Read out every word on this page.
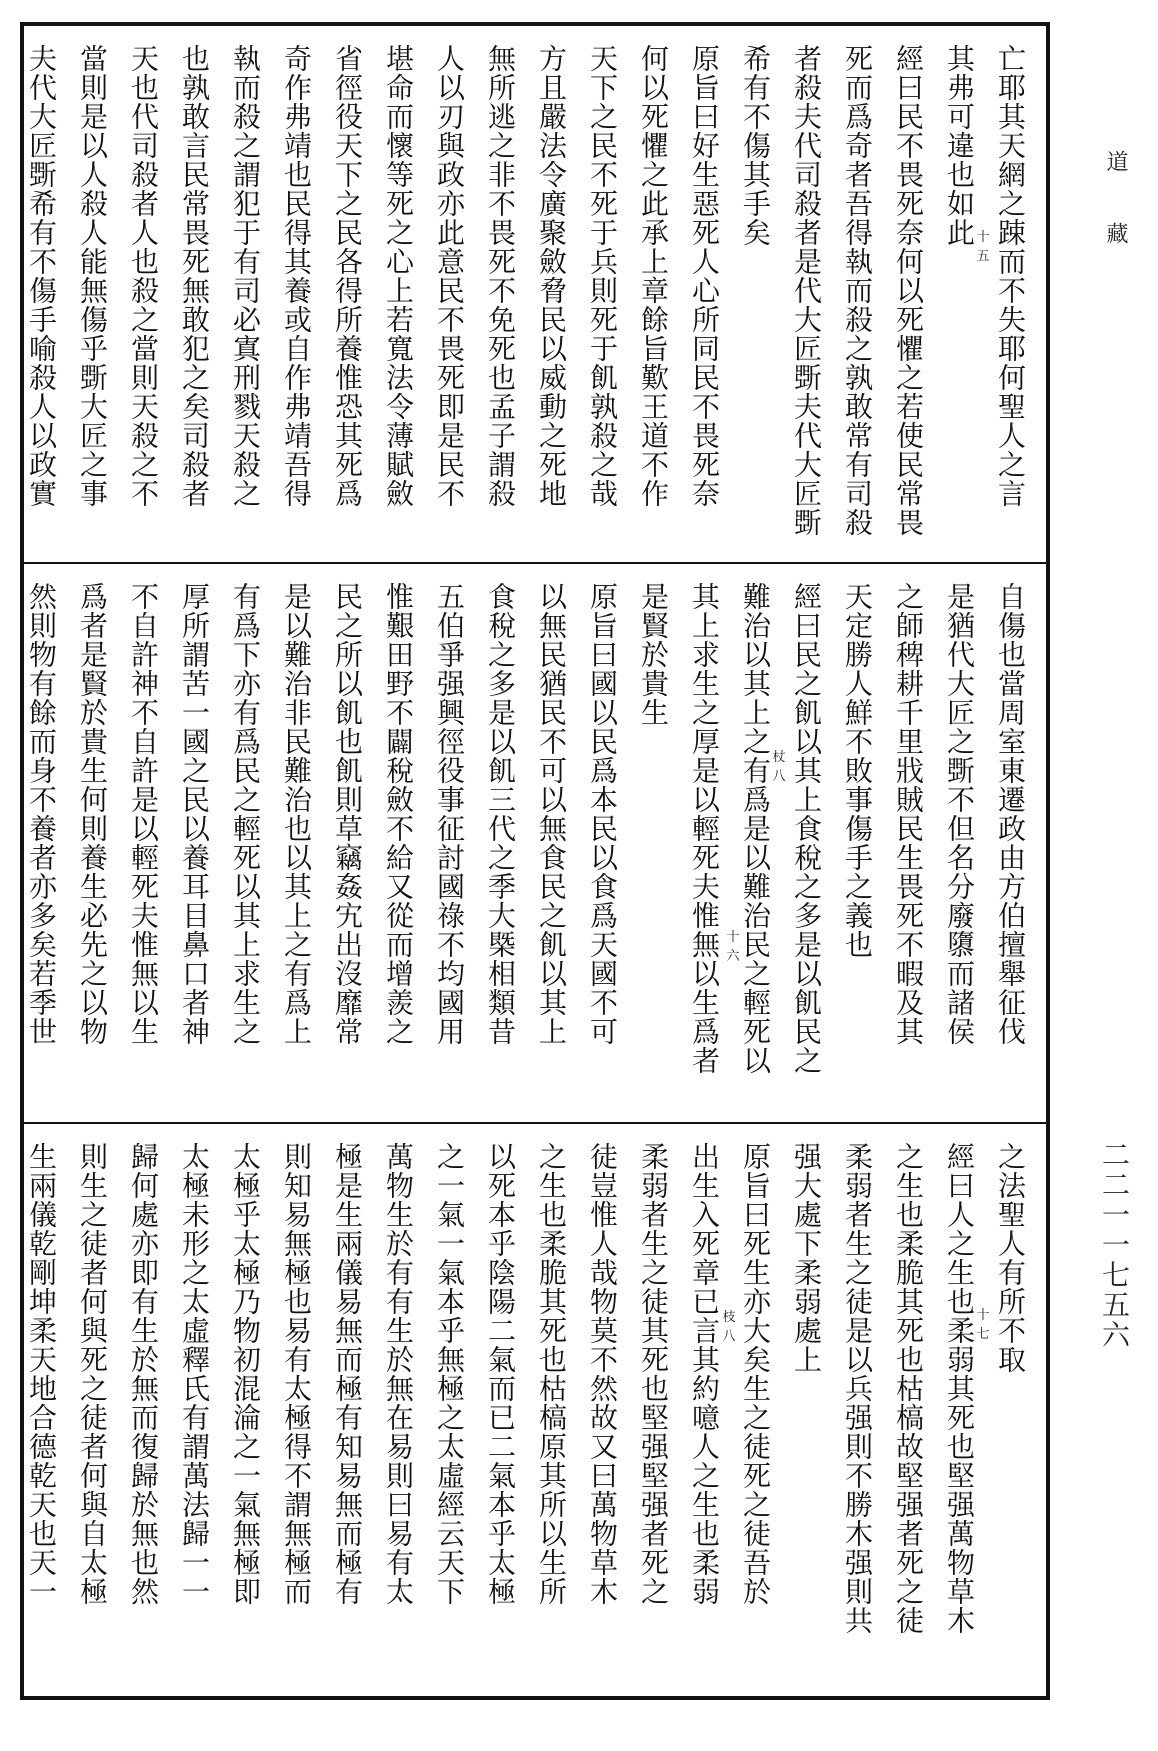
亡耶其天網之踈而不失耶何聖人之言
其弗可違也如此
經曰民不畏死奈何以死懼之若使民常畏
死而爲奇者吾得執而殺之孰敢常有司殺
者殺夫代司殺者是代大匠斲夫代大匠斲
希有不傷其手矣
原旨曰好生惡死人心所同民不畏死奈
何以死懼之此承上章餘旨歎王道不作
天下之民不死于兵則死于飢孰殺之哉
方且嚴法令廣聚斂脅民以威動之死地
無所逃之非不畏死不免死也孟子謂殺
人以刃與政亦此意民不畏死即是民不
堪命而懷等死之心上若寬法令薄賦斂
省徑役天下之民各得所養惟恐其死爲
奇作弗靖也民得其養或自作弗靖吾得
執而殺之謂犯于有司必寘刑戮天殺之
也孰敢言民常畏死無敢犯之矣司殺者
天也代司殺者人也殺之當則天殺之不
當則是以人殺人能無傷乎斲大匠之事
夫代大匠斲希有不傷手喻殺人以政實
自傷也當周室東遷政由方伯擅舉征伐
是猶代大匠之斲不但名分廢隳而諸侯
之師稗耕千里戕賊民生畏死不暇及其
天定勝人鮮不敗事傷手之義也
經曰民之飢以其上食稅之多是以飢民之
難治以其上之有爲是以難治民之輕死以
其上求生之厚是以輕死夫惟無以生爲者
是賢於貴生
原旨曰國以民爲本民以食爲天國不可
以無民猶民不可以無食民之飢以其上
食稅之多是以飢三代之季大槩相類昔
五伯爭强興徑役事征討國祿不均國用
惟艱田野不闢稅斂不給又從而增羨之
民之所以飢也飢則草竊姦宄出沒靡常
是以難治非民難治也以其上之有爲上
有爲下亦有爲民之輕死以其上求生之
厚所謂苦一國之民以養耳目鼻口者神
不自許神不自許是以輕死夫惟無以生
爲者是賢於貴生何則養生必先之以物
然則物有餘而身不養者亦多矣若季世
之法聖人有所不取
經曰人之生也柔弱其死也堅强萬物草木
之生也柔脆其死也枯槁故堅强者死之徒
柔弱者生之徒是以兵强則不勝木强則共
强大處下柔弱處上
原旨曰死生亦大矣生之徒死之徒吾於
出生入死章已言其約噫人之生也柔弱
柔弱者生之徒其死也堅强堅强者死之
徒豈惟人哉物莫不然故又曰萬物草木
之生也柔脆其死也枯槁原其所以生所
以死本乎陰陽二氣而已二氣本乎太極
之一氣一氣本乎無極之太虛經云天下
萬物生於有有生於無在易則曰易有太
極是生兩儀易無而極有知易無而極有
則知易無極也易有太極得不謂無極而
太極乎太極乃物初混淪之一氣無極即
太極未形之太虛釋氏有謂萬法歸一一
歸何處亦即有生於無而復歸於無也然
則生之徒者何與死之徒者何與自太極
生兩儀乾剛坤柔天地合德乾天也天一	十七
杖八
十六
枝八
十五	道藏
二二一一七五六
